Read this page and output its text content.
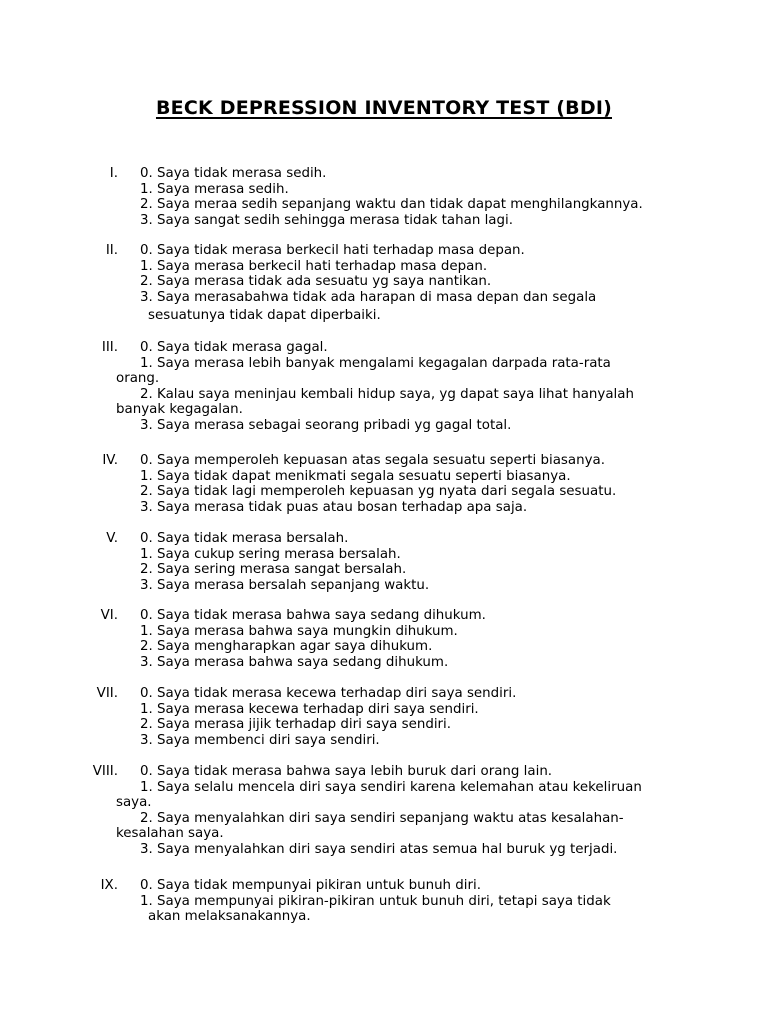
BECK DEPRESSION INVENTORY TEST (BDI)
I. 0. Saya tidak merasa sedih.
1. Saya merasa sedih.
2. Saya meraa sedih sepanjang waktu dan tidak dapat menghilangkannya.
3. Saya sangat sedih sehingga merasa tidak tahan lagi.
II. 0. Saya tidak merasa berkecil hati terhadap masa depan.
1. Saya merasa berkecil hati terhadap masa depan.
2. Saya merasa tidak ada sesuatu yg saya nantikan.
3. Saya merasabahwa tidak ada harapan di masa depan dan segala
sesuatunya tidak dapat diperbaiki.
III. 0. Saya tidak merasa gagal.
1. Saya merasa lebih banyak mengalami kegagalan darpada rata-rata
orang.
2. Kalau saya meninjau kembali hidup saya, yg dapat saya lihat hanyalah
banyak kegagalan.
3. Saya merasa sebagai seorang pribadi yg gagal total.
IV. 0. Saya memperoleh kepuasan atas segala sesuatu seperti biasanya.
1. Saya tidak dapat menikmati segala sesuatu seperti biasanya.
2. Saya tidak lagi memperoleh kepuasan yg nyata dari segala sesuatu.
3. Saya merasa tidak puas atau bosan terhadap apa saja.
V. 0. Saya tidak merasa bersalah.
1. Saya cukup sering merasa bersalah.
2. Saya sering merasa sangat bersalah.
3. Saya merasa bersalah sepanjang waktu.
VI. 0. Saya tidak merasa bahwa saya sedang dihukum.
1. Saya merasa bahwa saya mungkin dihukum.
2. Saya mengharapkan agar saya dihukum.
3. Saya merasa bahwa saya sedang dihukum.
VII. 0. Saya tidak merasa kecewa terhadap diri saya sendiri.
1. Saya merasa kecewa terhadap diri saya sendiri.
2. Saya merasa jijik terhadap diri saya sendiri.
3. Saya membenci diri saya sendiri.
VIII. 0. Saya tidak merasa bahwa saya lebih buruk dari orang lain.
1. Saya selalu mencela diri saya sendiri karena kelemahan atau kekeliruan
saya.
2. Saya menyalahkan diri saya sendiri sepanjang waktu atas kesalahan-
kesalahan saya.
3. Saya menyalahkan diri saya sendiri atas semua hal buruk yg terjadi.
IX. 0. Saya tidak mempunyai pikiran untuk bunuh diri.
1. Saya mempunyai pikiran-pikiran untuk bunuh diri, tetapi saya tidak
akan melaksanakannya.
